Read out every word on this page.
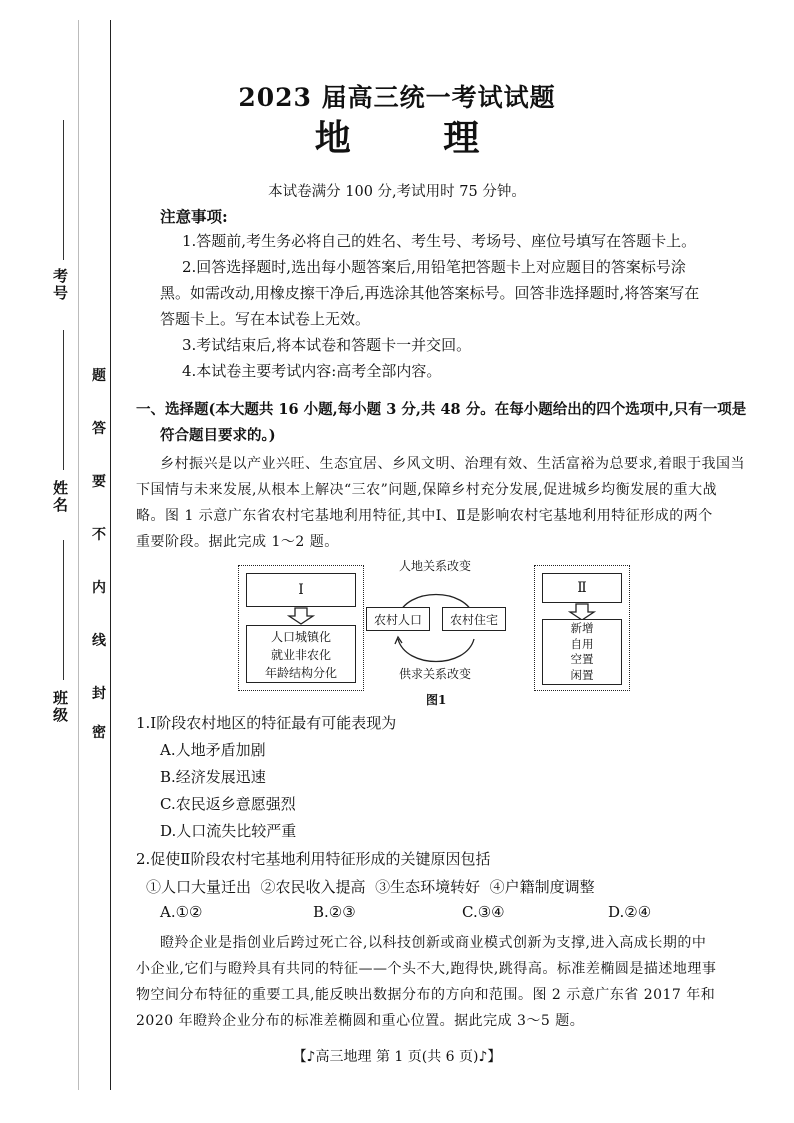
考号
姓名
班级
题
答
要
不
内
线
封
密
2023 届高三统一考试试题
地 理
本试卷满分 100 分,考试用时 75 分钟。
注意事项:
1.答题前,考生务必将自己的姓名、考生号、考场号、座位号填写在答题卡上。
2.回答选择题时,选出每小题答案后,用铅笔把答题卡上对应题目的答案标号涂
黑。如需改动,用橡皮擦干净后,再选涂其他答案标号。回答非选择题时,将答案写在
答题卡上。写在本试卷上无效。
3.考试结束后,将本试卷和答题卡一并交回。
4.本试卷主要考试内容:高考全部内容。
一、选择题(本大题共 16 小题,每小题 3 分,共 48 分。在每小题给出的四个选项中,只有一项是
符合题目要求的。)
乡村振兴是以产业兴旺、生态宜居、乡风文明、治理有效、生活富裕为总要求,着眼于我国当
下国情与未来发展,从根本上解决“三农”问题,保障乡村充分发展,促进城乡均衡发展的重大战
略。图 1 示意广东省农村宅基地利用特征,其中Ⅰ、Ⅱ是影响农村宅基地利用特征形成的两个
重要阶段。据此完成 1～2 题。
Ⅰ
人口城镇化
就业非农化
年龄结构分化
人地关系改变
农村人口	农村住宅
供求关系改变
Ⅱ
新增
自用
空置
闲置
图1
1.Ⅰ阶段农村地区的特征最有可能表现为
A.人地矛盾加剧
B.经济发展迅速
C.农民返乡意愿强烈
D.人口流失比较严重
2.促使Ⅱ阶段农村宅基地利用特征形成的关键原因包括
①人口大量迁出  ②农民收入提高  ③生态环境转好  ④户籍制度调整
A.①②	B.②③	C.③④	D.②④
瞪羚企业是指创业后跨过死亡谷,以科技创新或商业模式创新为支撑,进入高成长期的中
小企业,它们与瞪羚具有共同的特征——个头不大,跑得快,跳得高。标准差椭圆是描述地理事
物空间分布特征的重要工具,能反映出数据分布的方向和范围。图 2 示意广东省 2017 年和
2020 年瞪羚企业分布的标准差椭圆和重心位置。据此完成 3～5 题。
【♪高三地理 第 1 页(共 6 页)♪】
